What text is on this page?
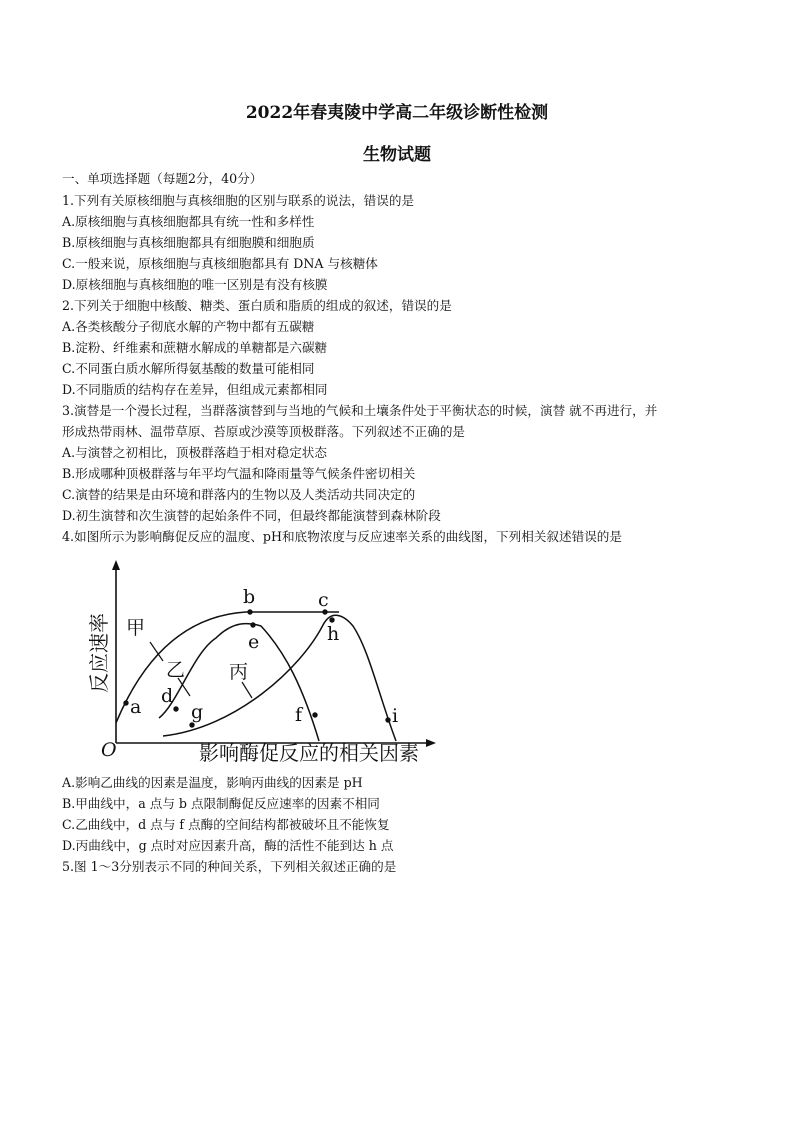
2022年春夷陵中学高二年级诊断性检测
生物试题
一、单项选择题（每题2分，40分）
1.下列有关原核细胞与真核细胞的区别与联系的说法，错误的是
A.原核细胞与真核细胞都具有统一性和多样性
B.原核细胞与真核细胞都具有细胞膜和细胞质
C.一般来说，原核细胞与真核细胞都具有 DNA 与核糖体
D.原核细胞与真核细胞的唯一区别是有没有核膜
2.下列关于细胞中核酸、糖类、蛋白质和脂质的组成的叙述，错误的是
A.各类核酸分子彻底水解的产物中都有五碳糖
B.淀粉、纤维素和蔗糖水解成的单糖都是六碳糖
C.不同蛋白质水解所得氨基酸的数量可能相同
D.不同脂质的结构存在差异，但组成元素都相同
3.演替是一个漫长过程，当群落演替到与当地的气候和土壤条件处于平衡状态的时候，演替 就不再进行，并
形成热带雨林、温带草原、苔原或沙漠等顶极群落。下列叙述不正确的是
A.与演替之初相比，顶极群落趋于相对稳定状态
B.形成哪种顶极群落与年平均气温和降雨量等气候条件密切相关
C.演替的结果是由环境和群落内的生物以及人类活动共同决定的
D.初生演替和次生演替的起始条件不同，但最终都能演替到森林阶段
4.如图所示为影响酶促反应的温度、pH和底物浓度与反应速率关系的曲线图，下列相关叙述错误的是
反应速率
影响酶促反应的相关因素
O
甲
乙 丙
a
b	c
d
e
f
g
h
i
A.影响乙曲线的因素是温度，影响丙曲线的因素是 pH
B.甲曲线中，a 点与 b 点限制酶促反应速率的因素不相同
C.乙曲线中，d 点与 f 点酶的空间结构都被破坏且不能恢复
D.丙曲线中，g 点时对应因素升高，酶的活性不能到达 h 点
5.图 1～3分别表示不同的种间关系，下列相关叙述正确的是
